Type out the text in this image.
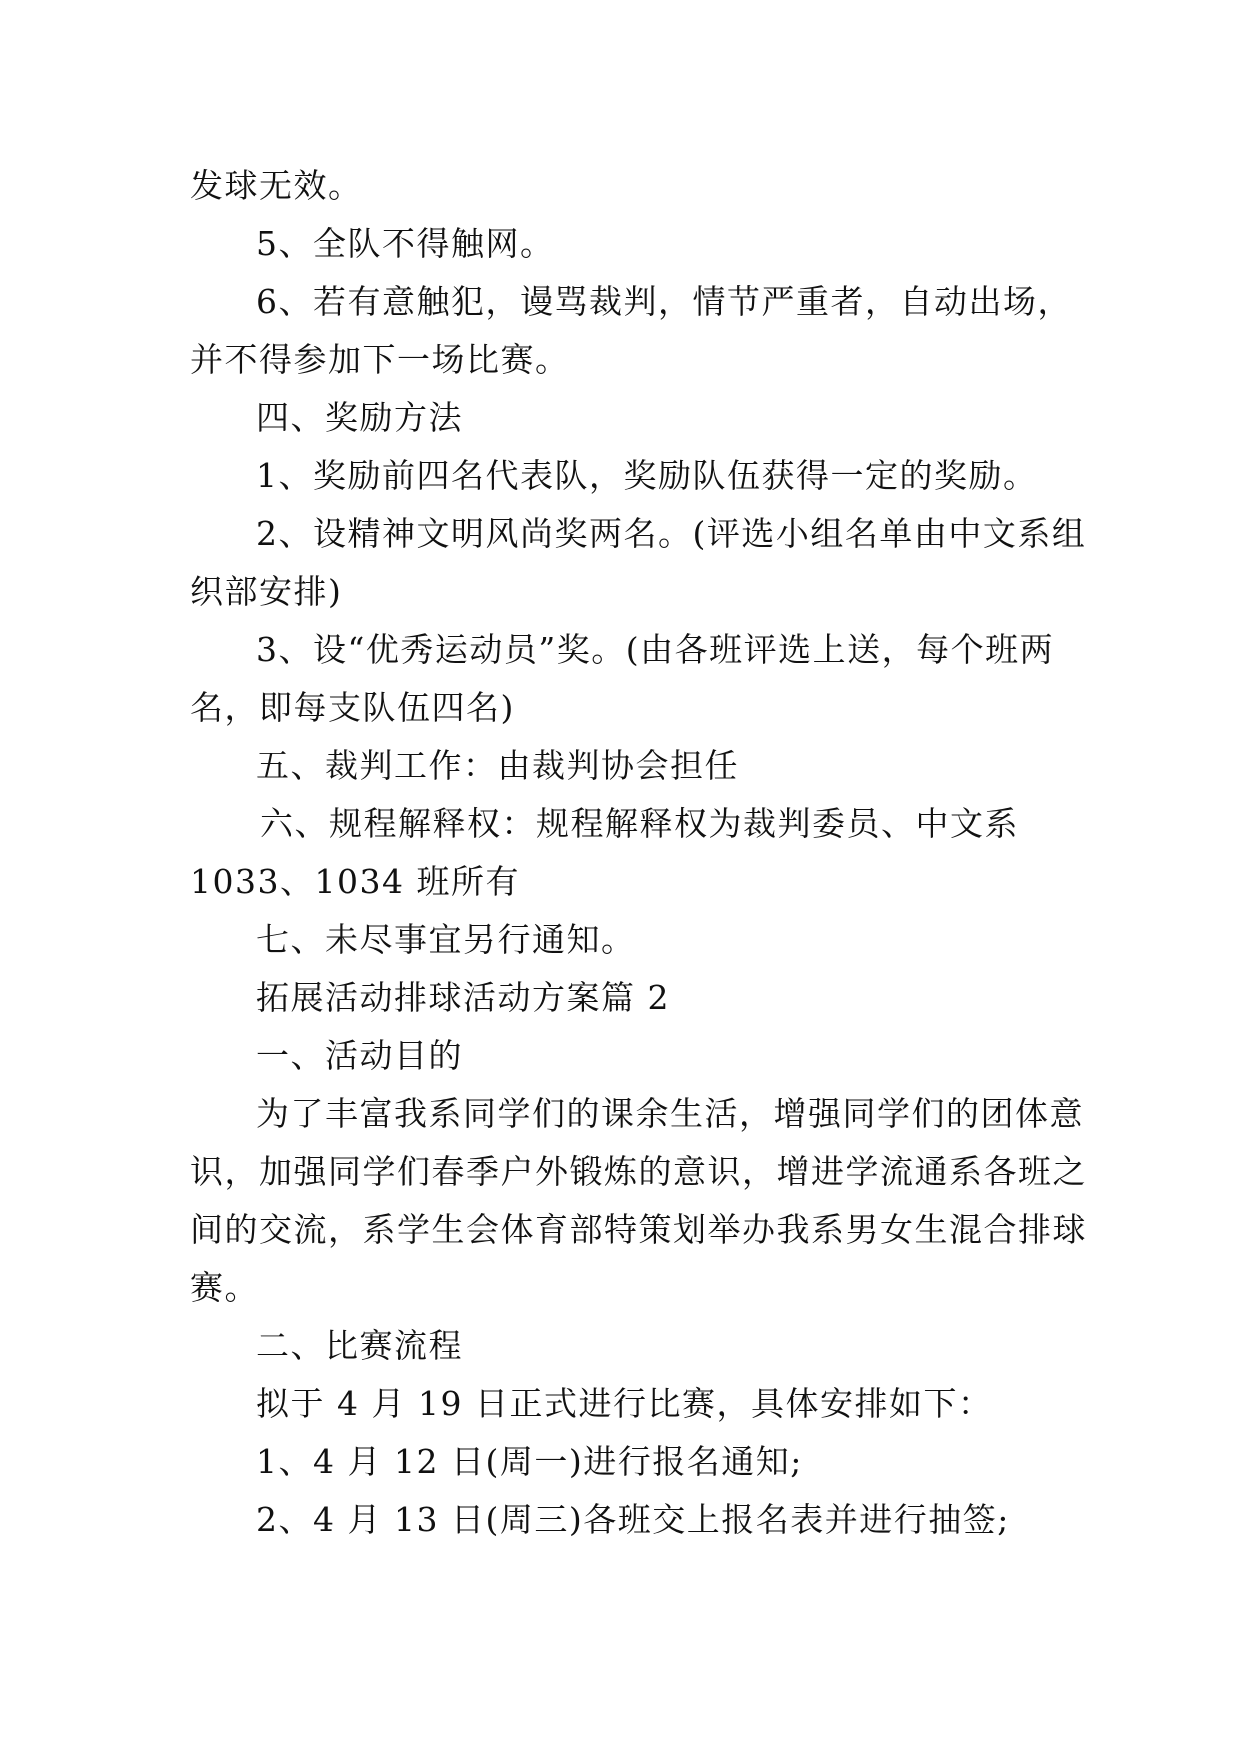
发球无效。
5、全队不得触网。
6、若有意触犯，谩骂裁判，情节严重者，自动出场，
并不得参加下一场比赛。
四、奖励方法
1、奖励前四名代表队，奖励队伍获得一定的奖励。
2、设精神文明风尚奖两名。(评选小组名单由中文系组
织部安排)
3、设“优秀运动员”奖。(由各班评选上送，每个班两
名，即每支队伍四名)
五、裁判工作：由裁判协会担任
六、规程解释权：规程解释权为裁判委员、中文系
1033、1034 班所有
七、未尽事宜另行通知。
拓展活动排球活动方案篇 2
一、活动目的
为了丰富我系同学们的课余生活，增强同学们的团体意
识，加强同学们春季户外锻炼的意识，增进学流通系各班之
间的交流，系学生会体育部特策划举办我系男女生混合排球
赛。
二、比赛流程
拟于 4 月 19 日正式进行比赛，具体安排如下：
1、4 月 12 日(周一)进行报名通知;
2、4 月 13 日(周三)各班交上报名表并进行抽签;
